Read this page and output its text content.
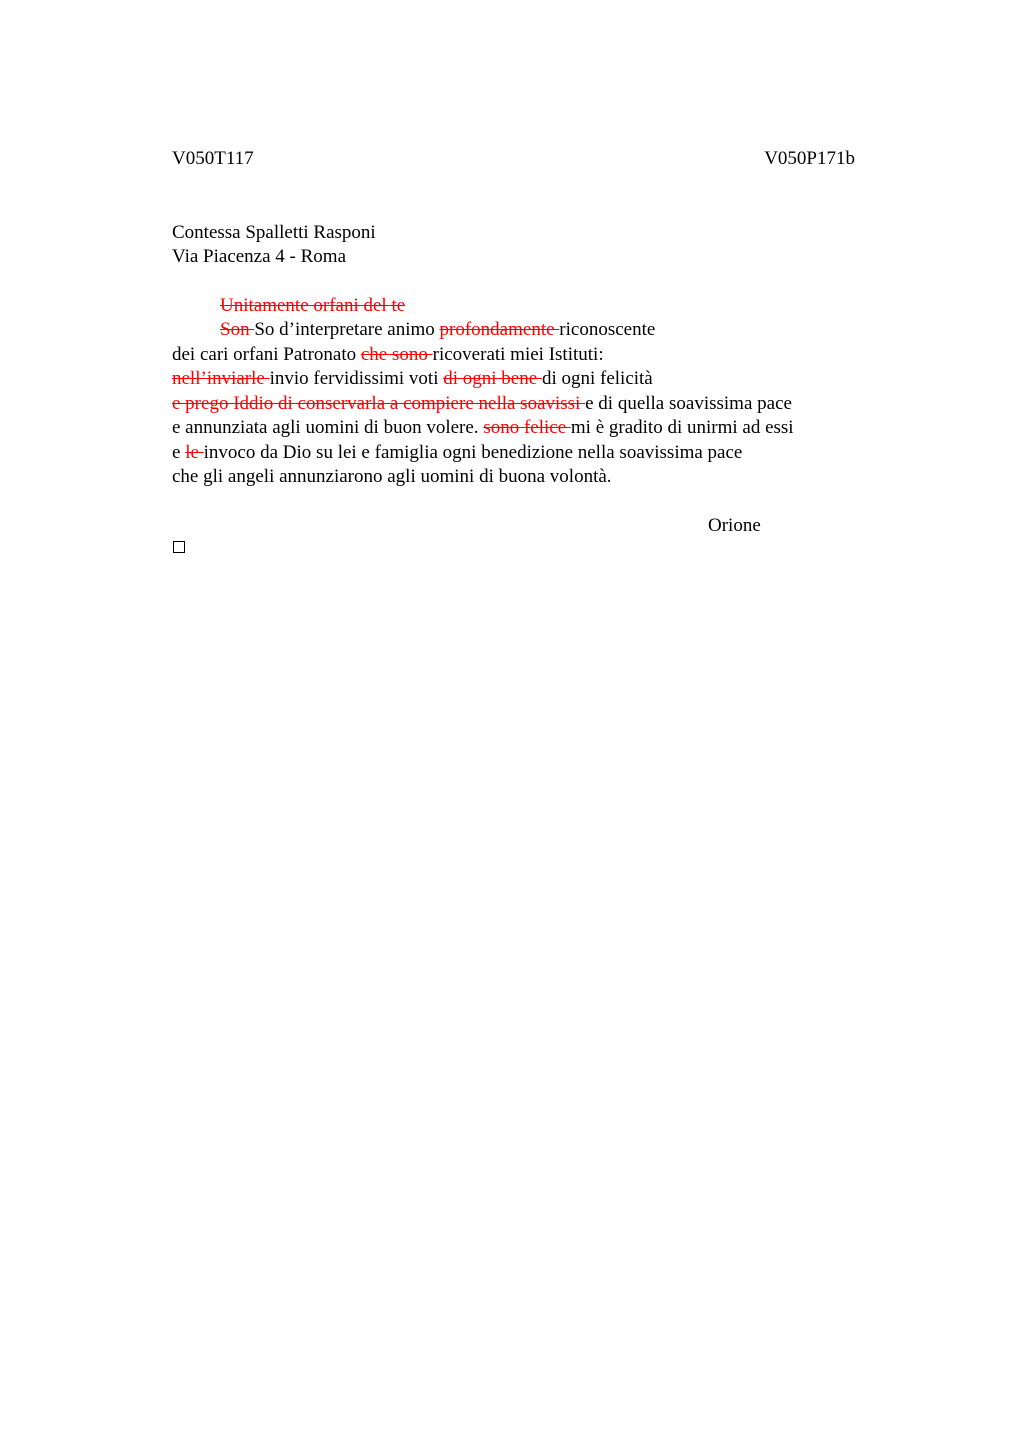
V050T117	V050P171b
Contessa Spalletti Rasponi
Via Piacenza 4 - Roma
Unitamente orfani del te
Son So d’interpretare animo profondamente riconoscente
dei cari orfani Patronato che sono ricoverati miei Istituti:
nell’inviarle invio fervidissimi voti di ogni bene di ogni felicità
e prego Iddio di conservarla a compiere nella soavissi e di quella soavissima pace
e annunziata agli uomini di buon volere. sono felice mi è gradito di unirmi ad essi
e le invoco da Dio su lei e famiglia ogni benedizione nella soavissima pace
che gli angeli annunziarono agli uomini di buona volontà.
Orione
